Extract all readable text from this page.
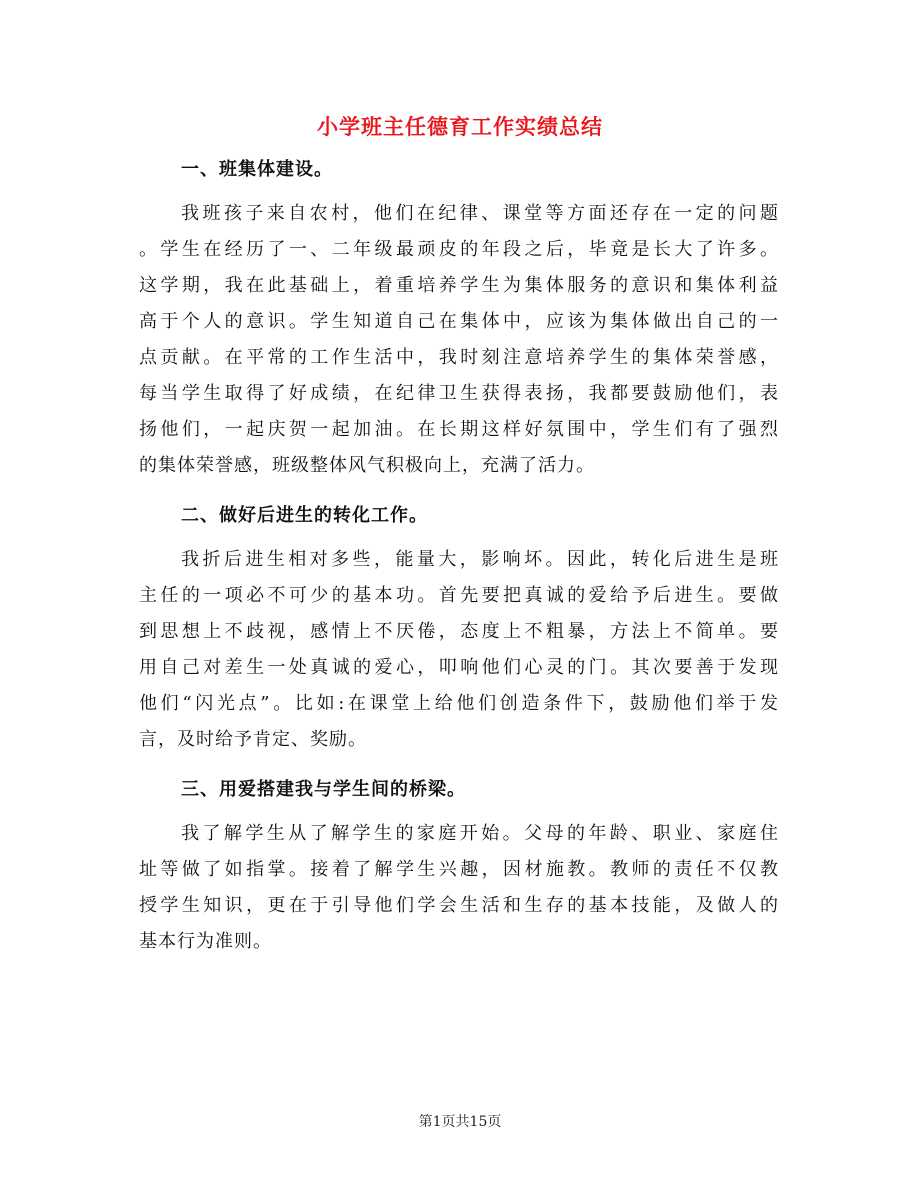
小学班主任德育工作实绩总结
一、班集体建设。
我班孩子来自农村，他们在纪律、课堂等方面还存在一定的问题
。学生在经历了一、二年级最顽皮的年段之后，毕竟是长大了许多。
这学期，我在此基础上，着重培养学生为集体服务的意识和集体利益
高于个人的意识。学生知道自己在集体中，应该为集体做出自己的一
点贡献。在平常的工作生活中，我时刻注意培养学生的集体荣誉感，
每当学生取得了好成绩，在纪律卫生获得表扬，我都要鼓励他们，表
扬他们，一起庆贺一起加油。在长期这样好氛围中，学生们有了强烈
的集体荣誉感，班级整体风气积极向上，充满了活力。
二、做好后进生的转化工作。
我折后进生相对多些，能量大，影响坏。因此，转化后进生是班
主任的一项必不可少的基本功。首先要把真诚的爱给予后进生。要做
到思想上不歧视，感情上不厌倦，态度上不粗暴，方法上不简单。要
用自己对差生一处真诚的爱心，叩响他们心灵的门。其次要善于发现
他们“闪光点”。比如:在课堂上给他们创造条件下，鼓励他们举于发
言，及时给予肯定、奖励。
三、用爱搭建我与学生间的桥梁。
我了解学生从了解学生的家庭开始。父母的年龄、职业、家庭住
址等做了如指掌。接着了解学生兴趣，因材施教。教师的责任不仅教
授学生知识，更在于引导他们学会生活和生存的基本技能，及做人的
基本行为准则。
第1页共15页
